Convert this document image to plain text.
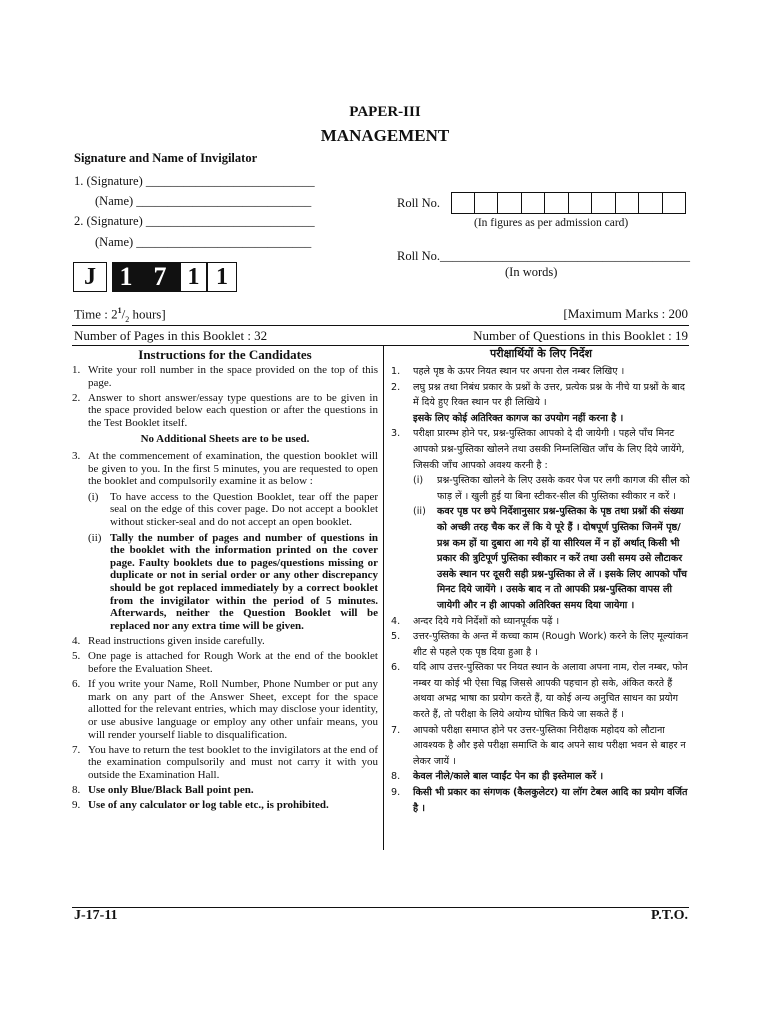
PAPER-III
MANAGEMENT
Signature and Name of Invigilator
1. (Signature) ___________________________
(Name) ____________________________
2. (Signature) ___________________________
(Name) ____________________________
Roll No.
(In figures as per admission card)
Roll No.________________________________________
(In words)
J 1 7 1 1
Time : $2^1/_2$ hours]	[Maximum Marks : 200
Number of Pages in this Booklet : 32	Number of Questions in this Booklet : 19
Instructions for the Candidates	परीक्षार्थियों के लिए निर्देश
1. Write your roll number in the space provided on the top of this page.
2. Answer to short answer/essay type questions are to be given in the space provided below each question or after the questions in the Test Booklet itself.
No Additional Sheets are to be used.
3. At the commencement of examination, the question booklet will be given to you. In the first 5 minutes, you are requested to open the booklet and compulsorily examine it as below :
(i)	To have access to the Question Booklet, tear off the paper seal on the edge of this cover page. Do not accept a booklet without sticker-seal and do not accept an open booklet.
(ii) Tally the number of pages and number of questions in the booklet with the information printed on the cover page. Faulty booklets due to pages/questions missing or duplicate or not in serial order or any other discrepancy should be got replaced immediately by a correct booklet from the invigilator within the period of 5 minutes. Afterwards, neither the Question Booklet will be replaced nor any extra time will be given.
4. Read instructions given inside carefully.
5. One page is attached for Rough Work at the end of the booklet before the Evaluation Sheet.
6. If you write your Name, Roll Number, Phone Number or put any mark on any part of the Answer Sheet, except for the space allotted for the relevant entries, which may disclose your identity, or use abusive language or employ any other unfair means, you will render yourself liable to disqualification.
7. You have to return the test booklet to the invigilators at the end of the examination compulsorily and must not carry it with you outside the Examination Hall.
8. Use only Blue/Black Ball point pen.
9. Use of any calculator or log table etc., is prohibited.
1.	पहले पृष्ठ के ऊपर नियत स्थान पर अपना रोल नम्बर लिखिए ।
2.	लघु प्रश्न तथा निबंध प्रकार के प्रश्नों के उत्तर, प्रत्येक प्रश्न के नीचे या प्रश्नों के बाद में दिये हुए रिक्त स्थान पर ही लिखिये ।
इसके लिए कोई अतिरिक्त कागज का उपयोग नहीं करना है ।
3.	परीक्षा प्रारम्भ होने पर, प्रश्न-पुस्तिका आपको दे दी जायेगी । पहले पाँच मिनट आपको प्रश्न-पुस्तिका खोलने तथा उसकी निम्नलिखित जाँच के लिए दिये जायेंगे, जिसकी जाँच आपको अवश्य करनी है :
(i)	प्रश्न-पुस्तिका खोलने के लिए उसके कवर पेज पर लगी कागज की सील को फाड़ लें । खुली हुई या बिना स्टीकर-सील की पुस्तिका स्वीकार न करें ।
(ii)	कवर पृष्ठ पर छपे निर्देशानुसार प्रश्न-पुस्तिका के पृष्ठ तथा प्रश्नों की संख्या को अच्छी तरह चैक कर लें कि ये पूरे हैं । दोषपूर्ण पुस्तिका जिनमें पृष्ठ/प्रश्न कम हों या दुबारा आ गये हों या सीरियल में न हों अर्थात् किसी भी प्रकार की त्रुटिपूर्ण पुस्तिका स्वीकार न करें तथा उसी समय उसे लौटाकर उसके स्थान पर दूसरी सही प्रश्न-पुस्तिका ले लें । इसके लिए आपको पाँच मिनट दिये जायेंगे । उसके बाद न तो आपकी प्रश्न-पुस्तिका वापस ली जायेगी और न ही आपको अतिरिक्त समय दिया जायेगा ।
4.	अन्दर दिये गये निर्देशों को ध्यानपूर्वक पढ़ें ।
5.	उत्तर-पुस्तिका के अन्त में कच्चा काम (Rough Work) करने के लिए मूल्यांकन शीट से पहले एक पृष्ठ दिया हुआ है ।
6.	यदि आप उत्तर-पुस्तिका पर नियत स्थान के अलावा अपना नाम, रोल नम्बर, फोन नम्बर या कोई भी ऐसा चिह्न जिससे आपकी पहचान हो सके, अंकित करते हैं अथवा अभद्र भाषा का प्रयोग करते हैं, या कोई अन्य अनुचित साधन का प्रयोग करते हैं, तो परीक्षा के लिये अयोग्य घोषित किये जा सकते हैं ।
7.	आपको परीक्षा समाप्त होने पर उत्तर-पुस्तिका निरीक्षक महोदय को लौटाना आवश्यक है और इसे परीक्षा समाप्ति के बाद अपने साथ परीक्षा भवन से बाहर न लेकर जायें ।
8.	केवल नीले/काले बाल प्वाईंट पेन का ही इस्तेमाल करें ।
9.	किसी भी प्रकार का संगणक (कैलकुलेटर) या लॉग टेबल आदि का प्रयोग वर्जित है ।
J-17-11	P.T.O.
